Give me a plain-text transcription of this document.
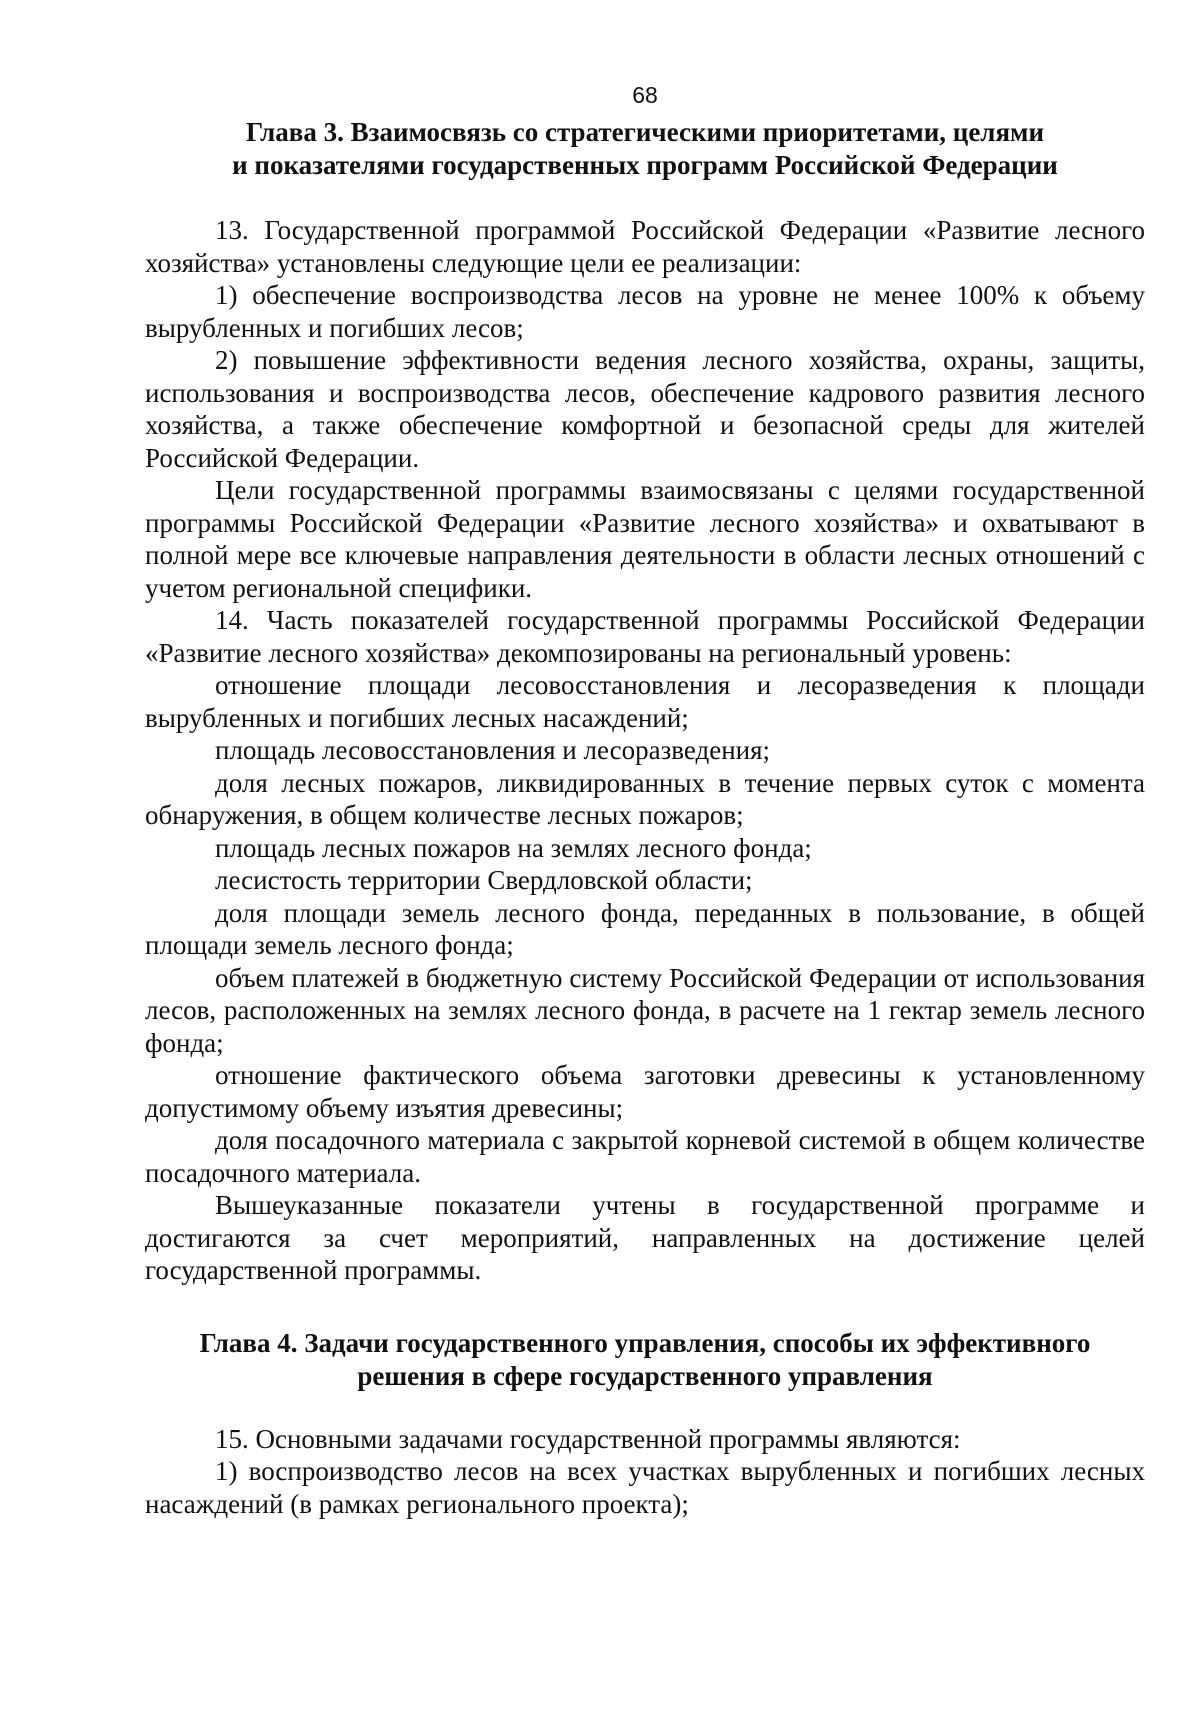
68
Глава 3. Взаимосвязь со стратегическими приоритетами, целями
и показателями государственных программ Российской Федерации

13. Государственной программой Российской Федерации «Развитие лесного хозяйства» установлены следующие цели ее реализации:

1) обеспечение воспроизводства лесов на уровне не менее 100% к объему вырубленных и погибших лесов;

2) повышение эффективности ведения лесного хозяйства, охраны, защиты, использования и воспроизводства лесов, обеспечение кадрового развития лесного хозяйства, а также обеспечение комфортной и безопасной среды для жителей Российской Федерации.

Цели государственной программы взаимосвязаны с целями государственной программы Российской Федерации «Развитие лесного хозяйства» и охватывают в полной мере все ключевые направления деятельности в области лесных отношений с учетом региональной специфики.

14. Часть показателей государственной программы Российской Федерации «Развитие лесного хозяйства» декомпозированы на региональный уровень:

отношение площади лесовосстановления и лесоразведения к площади вырубленных и погибших лесных насаждений;

площадь лесовосстановления и лесоразведения;

доля лесных пожаров, ликвидированных в течение первых суток с момента обнаружения, в общем количестве лесных пожаров;

площадь лесных пожаров на землях лесного фонда;

лесистость территории Свердловской области;

доля площади земель лесного фонда, переданных в пользование, в общей площади земель лесного фонда;

объем платежей в бюджетную систему Российской Федерации от использования лесов, расположенных на землях лесного фонда, в расчете на 1 гектар земель лесного фонда;

отношение фактического объема заготовки древесины к установленному допустимому объему изъятия древесины;

доля посадочного материала с закрытой корневой системой в общем количестве посадочного материала.

Вышеуказанные показатели учтены в государственной программе и достигаются за счет мероприятий, направленных на достижение целей государственной программы.

Глава 4. Задачи государственного управления, способы их эффективного
решения в сфере государственного управления

15. Основными задачами государственной программы являются:

1) воспроизводство лесов на всех участках вырубленных и погибших лесных насаждений (в рамках регионального проекта);
